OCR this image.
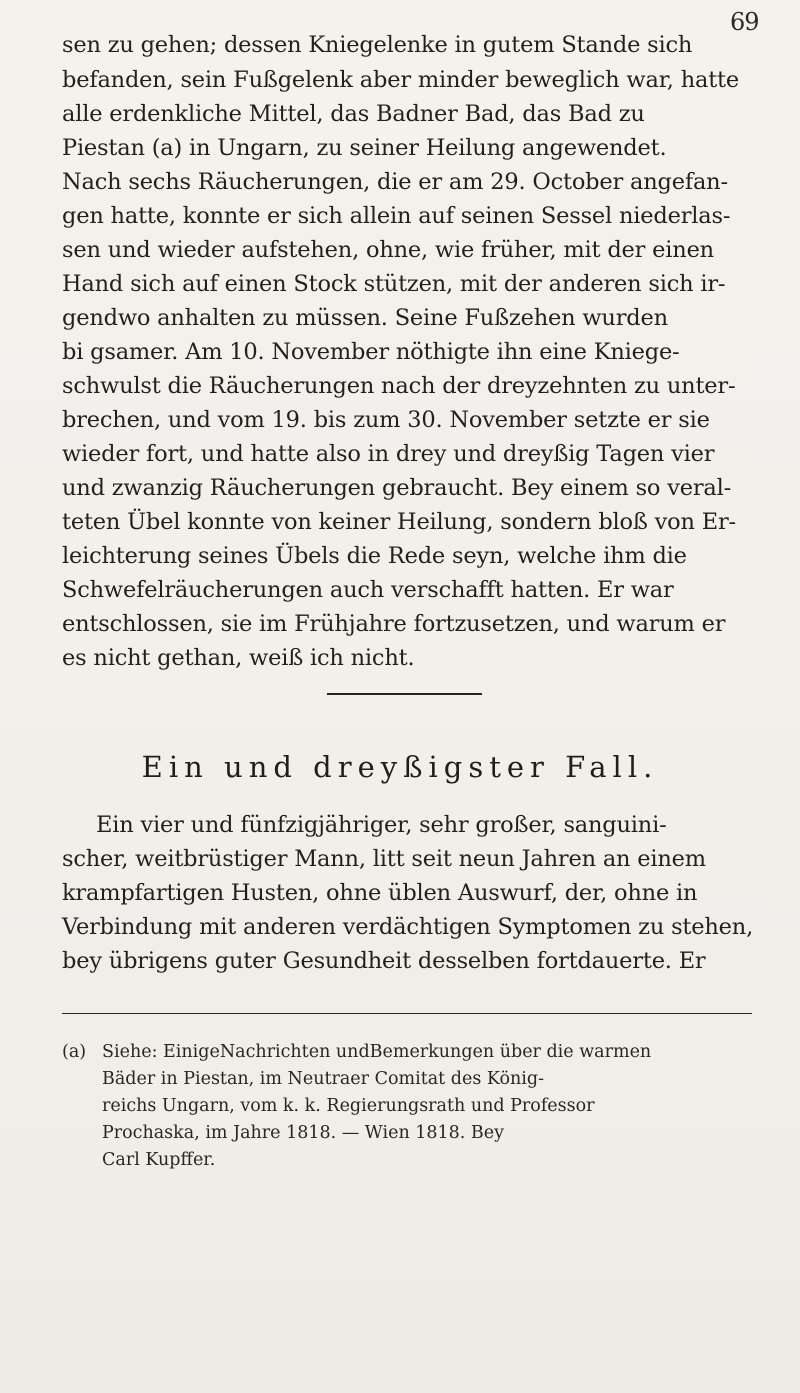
69
sen zu gehen; dessen Kniegelenke in gutem Stande sich
befanden, sein Fußgelenk aber minder beweglich war, hatte
alle erdenkliche Mittel, das Badner Bad, das Bad zu
Piestan (a) in Ungarn, zu seiner Heilung angewendet.
Nach sechs Räucherungen, die er am 29. October angefan-
gen hatte, konnte er sich allein auf seinen Sessel niederlas-
sen und wieder aufstehen, ohne, wie früher, mit der einen
Hand sich auf einen Stock stützen, mit der anderen sich ir-
gendwo anhalten zu müssen. Seine Fußzehen wurden
bi gsamer. Am 10. November nöthigte ihn eine Kniege-
schwulst die Räucherungen nach der dreyzehnten zu unter-
brechen, und vom 19. bis zum 30. November setzte er sie
wieder fort, und hatte also in drey und dreyßig Tagen vier
und zwanzig Räucherungen gebraucht. Bey einem so veral-
teten Übel konnte von keiner Heilung, sondern bloß von Er-
leichterung seines Übels die Rede seyn, welche ihm die
Schwefelräucherungen auch verschafft hatten. Er war
entschlossen, sie im Frühjahre fortzusetzen, und warum er
es nicht gethan, weiß ich nicht.
Ein und dreyßigster Fall.
Ein vier und fünfzigjähriger, sehr großer, sanguini-
scher, weitbrüstiger Mann, litt seit neun Jahren an einem
krampfartigen Husten, ohne üblen Auswurf, der, ohne in
Verbindung mit anderen verdächtigen Symptomen zu stehen,
bey übrigens guter Gesundheit desselben fortdauerte. Er
(a) Siehe: EinigeNachrichten undBemerkungen über die warmen
Bäder in Piestan, im Neutraer Comitat des König-
reichs Ungarn, vom k. k. Regierungsrath und Professor
Prochaska, im Jahre 1818. — Wien 1818. Bey
Carl Kupffer.
